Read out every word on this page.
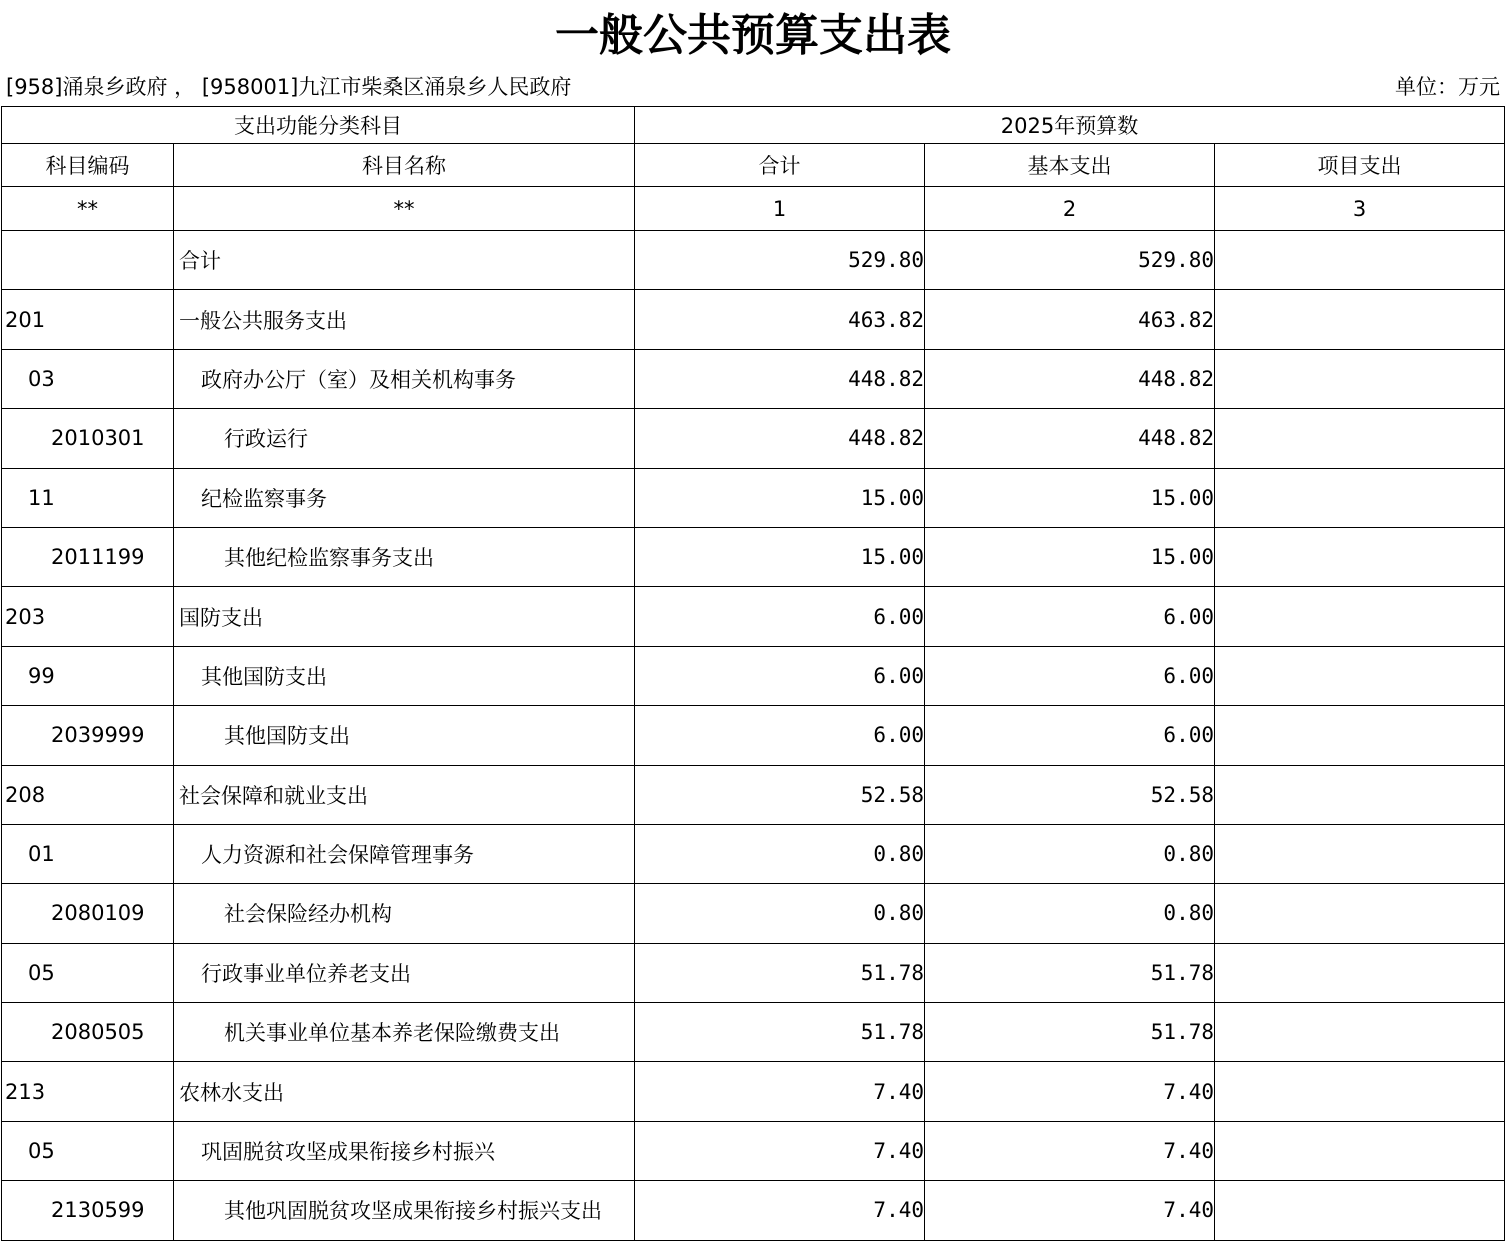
一般公共预算支出表
[958]涌泉乡政府 ， [958001]九江市柴桑区涌泉乡人民政府	单位：万元
支出功能分类科目		2025年预算数		
科目编码	科目名称	合计	基本支出	项目支出
**	**	1	2	3
	合计	529.80	529.80	
201	一般公共服务支出	463.82	463.82	
03	政府办公厅（室）及相关机构事务	448.82	448.82	
2010301	行政运行	448.82	448.82	
11	纪检监察事务	15.00	15.00	
2011199	其他纪检监察事务支出	15.00	15.00	
203	国防支出	6.00	6.00	
99	其他国防支出	6.00	6.00	
2039999	其他国防支出	6.00	6.00	
208	社会保障和就业支出	52.58	52.58	
01	人力资源和社会保障管理事务	0.80	0.80	
2080109	社会保险经办机构	0.80	0.80	
05	行政事业单位养老支出	51.78	51.78	
2080505	机关事业单位基本养老保险缴费支出	51.78	51.78	
213	农林水支出	7.40	7.40	
05	巩固脱贫攻坚成果衔接乡村振兴	7.40	7.40	
2130599	其他巩固脱贫攻坚成果衔接乡村振兴支出	7.40	7.40	
